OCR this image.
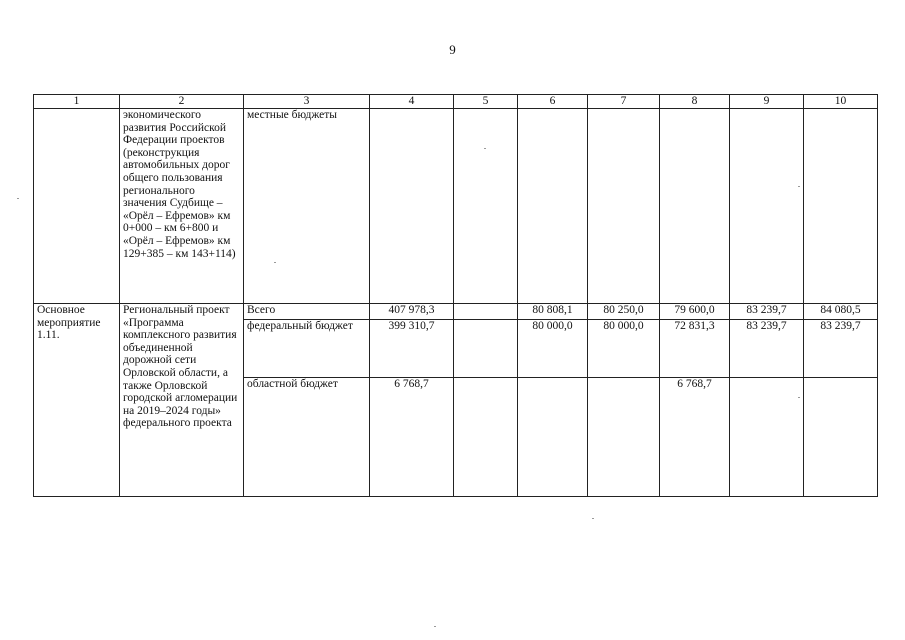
9
1	2	3	4	5	6	7	8	9	10
	экономического развития Российской Федерации проектов (реконструкция автомобильных дорог общего пользования регионального значения Судбище – «Орёл – Ефремов» км 0+000 – км 6+800 и «Орёл – Ефремов» км 129+385 – км 143+114)	местные бюджеты							
Основное мероприятие 1.11.	Региональный проект «Программа комплексного развития объединенной дорожной сети Орловской области, а также Орловской городской агломерации на 2019–2024 годы» федерального проекта	Всего	407 978,3		80 808,1	80 250,0	79 600,0	83 239,7	84 080,5
		федеральный бюджет	399 310,7		80 000,0	80 000,0	72 831,3	83 239,7	83 239,7
		областной бюджет	6 768,7				6 768,7		
